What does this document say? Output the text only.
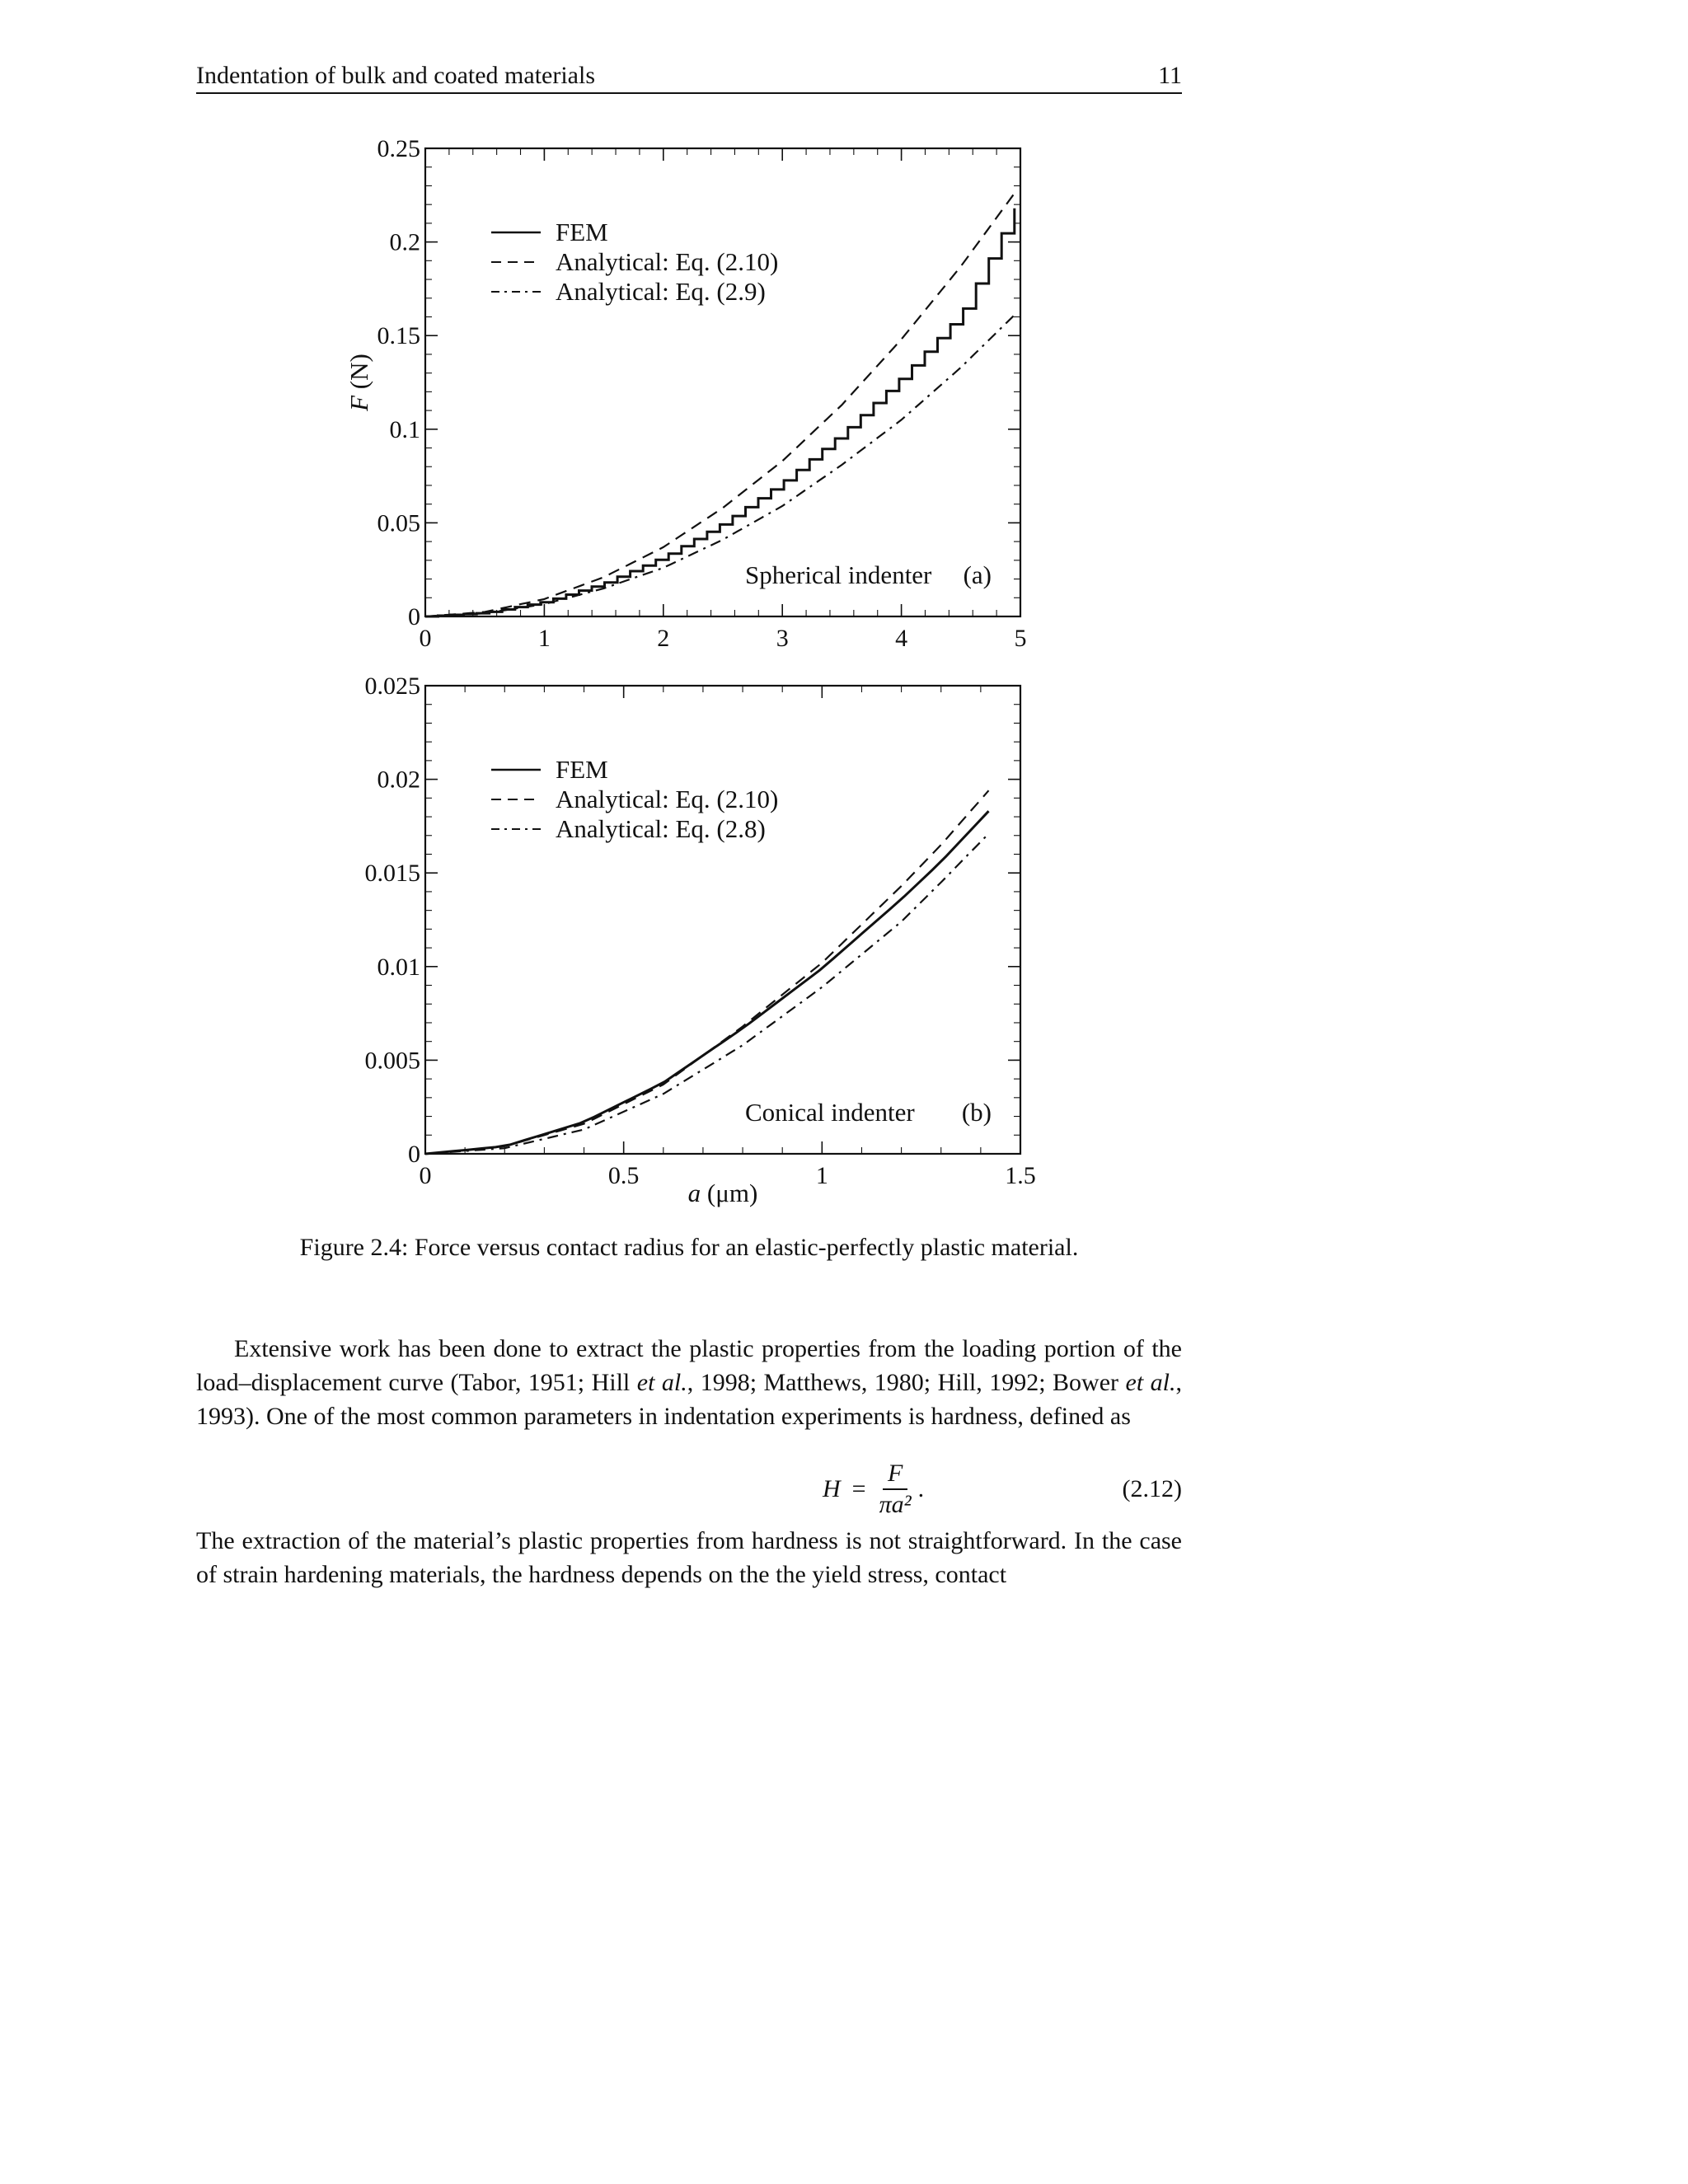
Indentation of bulk and coated materials	11
0	1	2	3	4	5
0
0.05
0.1
0.15
0.2
0.25
FEM
Analytical: Eq. (2.10)
Analytical: Eq. (2.9)
Spherical indenter (a)
F (N)
0	0.5	1	1.5
0
0.005
0.01
0.015
0.02
0.025
FEM
Analytical: Eq. (2.10)
Analytical: Eq. (2.8)
Conical indenter (b)
a (μm)
Figure 2.4: Force versus contact radius for an elastic-perfectly plastic material.

Extensive work has been done to extract the plastic properties from the loading portion of the load–displacement curve (Tabor, 1951; Hill et al., 1998; Matthews, 1980; Hill, 1992; Bower et al., 1993). One of the most common parameters in indentation experiments is hardness, defined as

$H = \frac{F}{\text{πa²}}$ .	(2.12)

The extraction of the material’s plastic properties from hardness is not straightforward. In the case of strain hardening materials, the hardness depends on the the yield stress, contact
